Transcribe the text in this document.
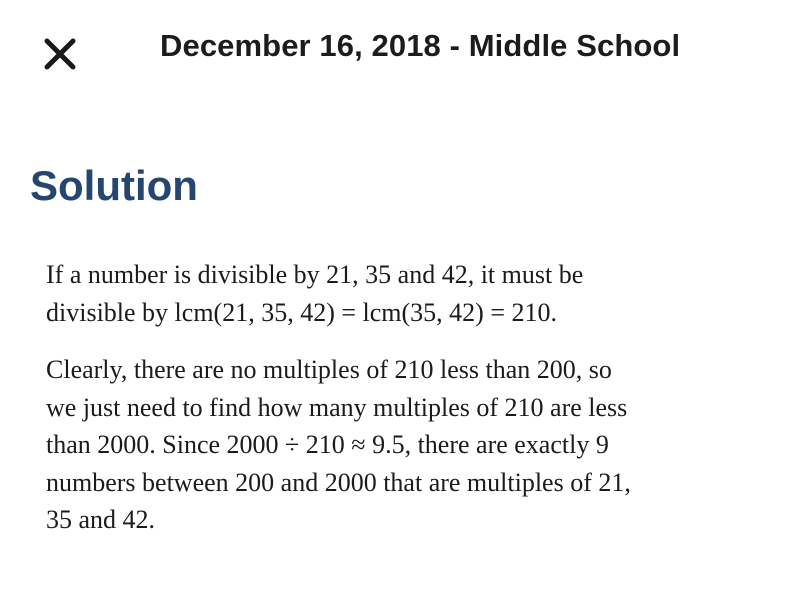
December 16, 2018 - Middle School
Solution

If a number is divisible by 21, 35 and 42, it must be
divisible by lcm(21, 35, 42) = lcm(35, 42) = 210.

Clearly, there are no multiples of 210 less than 200, so
we just need to find how many multiples of 210 are less
than 2000. Since 2000 ÷ 210 ≈ 9.5, there are exactly 9
numbers between 200 and 2000 that are multiples of 21,
35 and 42.
